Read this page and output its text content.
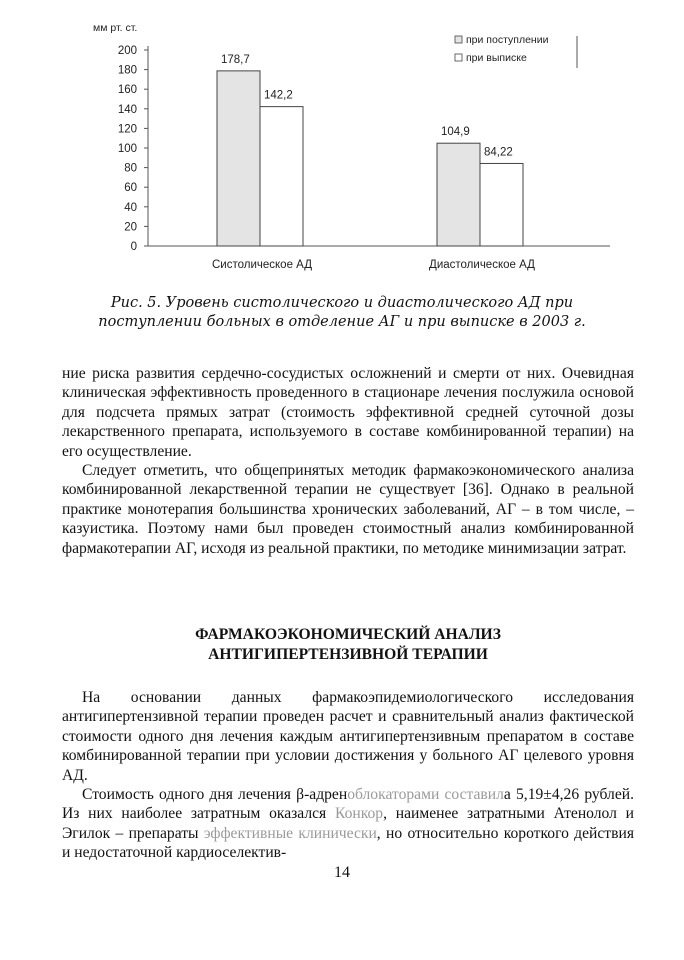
мм рт. ст.
0
20
40
60
80
100
120
140
160
180
200
178,7
104,9
142,2
84,22
Систолическое АД	Диастолическое АД
при поступлении
при выписке
Рис. 5. Уровень систолического и диастолического АД при
поступлении больных в отделение АГ и при выписке в 2003 г.

ние риска развития сердечно-сосудистых осложнений и смерти от них. Очевидная клиническая эффективность проведенного в стационаре лечения послужила основой для подсчета прямых затрат (стоимость эффективной средней суточной дозы лекарственного препарата, используемого в составе комбинированной терапии) на его осуществление.

Следует отметить, что общепринятых методик фармакоэкономического анализа комбинированной лекарственной терапии не существует [36]. Однако в реальной практике монотерапия большинства хронических заболеваний, АГ – в том числе, – казуистика. Поэтому нами был проведен стоимостный анализ комбинированной фармакотерапии АГ, исходя из реальной практики, по методике минимизации затрат.

ФАРМАКОЭКОНОМИЧЕСКИЙ АНАЛИЗ
АНТИГИПЕРТЕНЗИВНОЙ ТЕРАПИИ

На основании данных фармакоэпидемиологического исследования антигипертензивной терапии проведен расчет и сравнительный анализ фактической стоимости одного дня лечения каждым антигипертензивным препаратом в составе комбинированной терапии при условии достижения у больного АГ целевого уровня АД.

Стоимость одного дня лечения β-адреноблокаторами составила 5,19±4,26 рублей. Из них наиболее затратным оказался Конкор, наименее затратными Атенолол и Эгилок – препараты эффективные клинически, но относительно короткого действия и недостаточной кардиоселектив-

14
